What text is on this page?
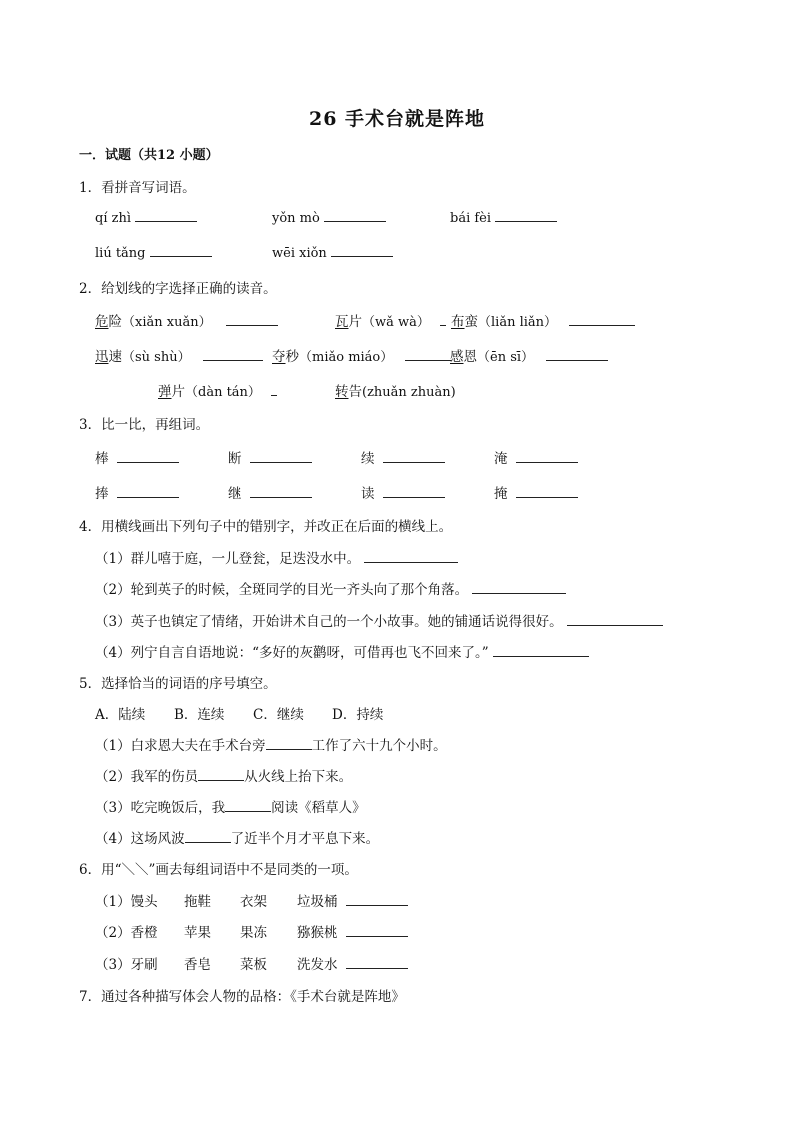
26 手术台就是阵地
一．试题（共12 小题）
1．看拼音写词语。
qí zhì	yǒn mò	bái fèi
liú tǎng	wēi xiǒn
2．给划线的字选择正确的读音。
危险（xiǎn xuǎn）	瓦片（wǎ wà）	布蛮（liǎn liǎn）
迅速（sù shù）	夺秒（miǎo miáo）	感恩（ēn sī）
弹片（dàn tán）	转告(zhuǎn zhuàn)
3．比一比，再组词。
棒	断	续	淹
捧	继	读	掩
4．用横线画出下列句子中的错别字，并改正在后面的横线上。
（1）群儿嘻于庭，一儿登瓮，足迭没水中。
（2）轮到英子的时候，全斑同学的目光一齐头向了那个角落。
（3）英子也镇定了情绪，开始讲术自己的一个小故事。她的铺通话说得很好。
（4）列宁自言自语地说：“多好的灰鹳呀，可借再也飞不回来了。”
5．选择恰当的词语的序号填空。
A．陆续 B．连续 C．继续 D．持续
（1）白求恩大夫在手术台旁	工作了六十九个小时。
（2）我军的伤员	从火线上抬下来。
（3）吃完晚饭后，我	阅读《稻草人》
（4）这场风波	了近半个月才平息下来。
6．用“＼＼”画去每组词语中不是同类的一项。
（1）馒头 拖鞋 衣架 垃圾桶
（2）香橙 苹果 果冻 猕猴桃
（3）牙刷 香皂 菜板 洗发水
7．通过各种描写体会人物的品格：《手术台就是阵地》
